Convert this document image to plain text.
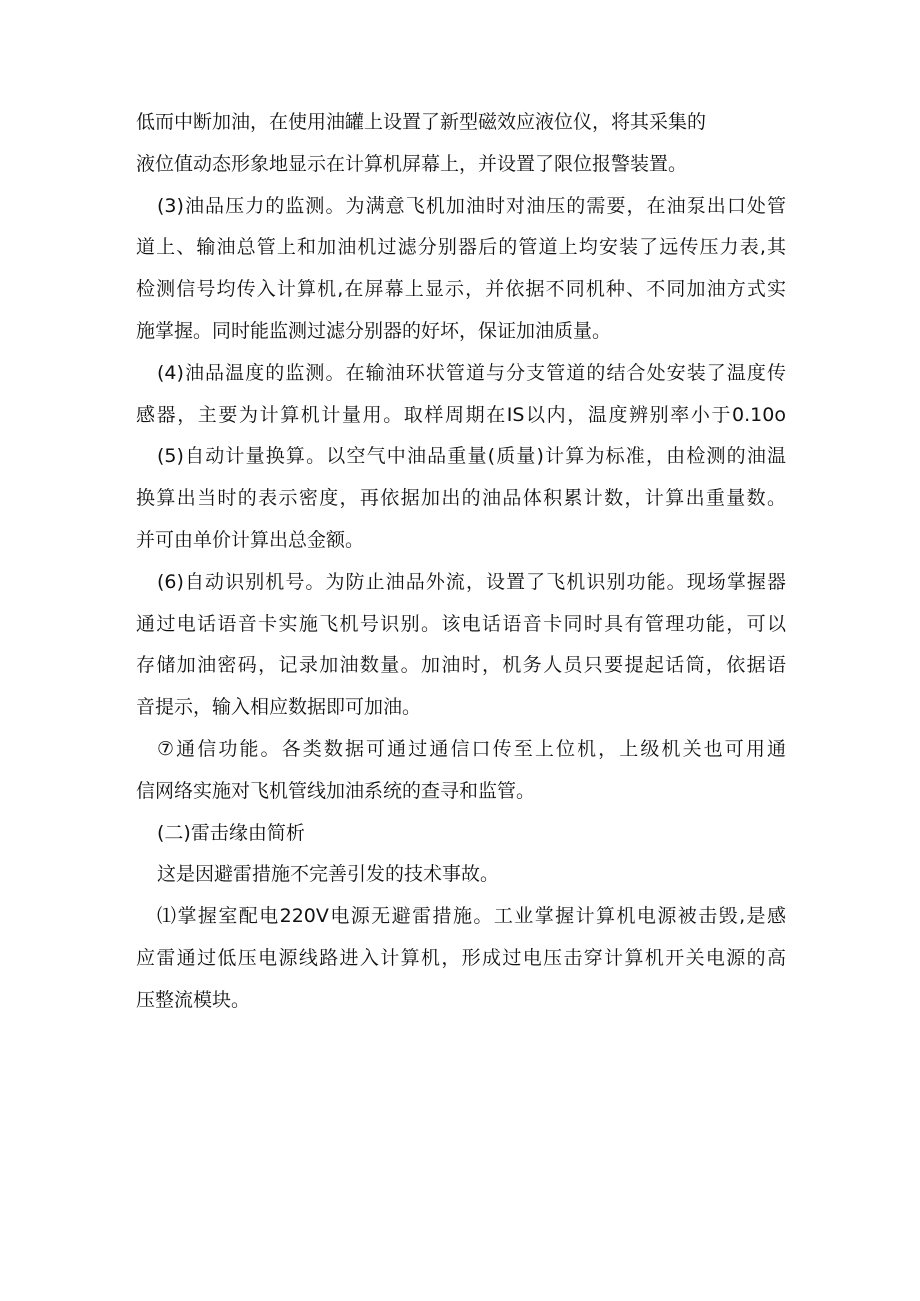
低而中断加油，在使用油罐上设置了新型磁效应液位仪，将其采集的
液位值动态形象地显示在计算机屏幕上，并设置了限位报警装置。
(3)油品压力的监测。为满意飞机加油时对油压的需要，在油泵出口处管
道上、输油总管上和加油机过滤分别器后的管道上均安装了远传压力表,其
检测信号均传入计算机,在屏幕上显示，并依据不同机种、不同加油方式实
施掌握。同时能监测过滤分别器的好坏，保证加油质量。
(4)油品温度的监测。在输油环状管道与分支管道的结合处安装了温度传
感器，主要为计算机计量用。取样周期在IS以内，温度辨别率小于0.10o
(5)自动计量换算。以空气中油品重量(质量)计算为标准，由检测的油温
换算出当时的表示密度，再依据加出的油品体积累计数，计算出重量数。
并可由单价计算出总金额。
(6)自动识别机号。为防止油品外流，设置了飞机识别功能。现场掌握器
通过电话语音卡实施飞机号识别。该电话语音卡同时具有管理功能，可以
存储加油密码，记录加油数量。加油时，机务人员只要提起话筒，依据语
音提示，输入相应数据即可加油。
⑦通信功能。各类数据可通过通信口传至上位机，上级机关也可用通
信网络实施对飞机管线加油系统的查寻和监管。
(二)雷击缘由简析
这是因避雷措施不完善引发的技术事故。
⑴掌握室配电220V电源无避雷措施。工业掌握计算机电源被击毁,是感
应雷通过低压电源线路进入计算机，形成过电压击穿计算机开关电源的高
压整流模块。
